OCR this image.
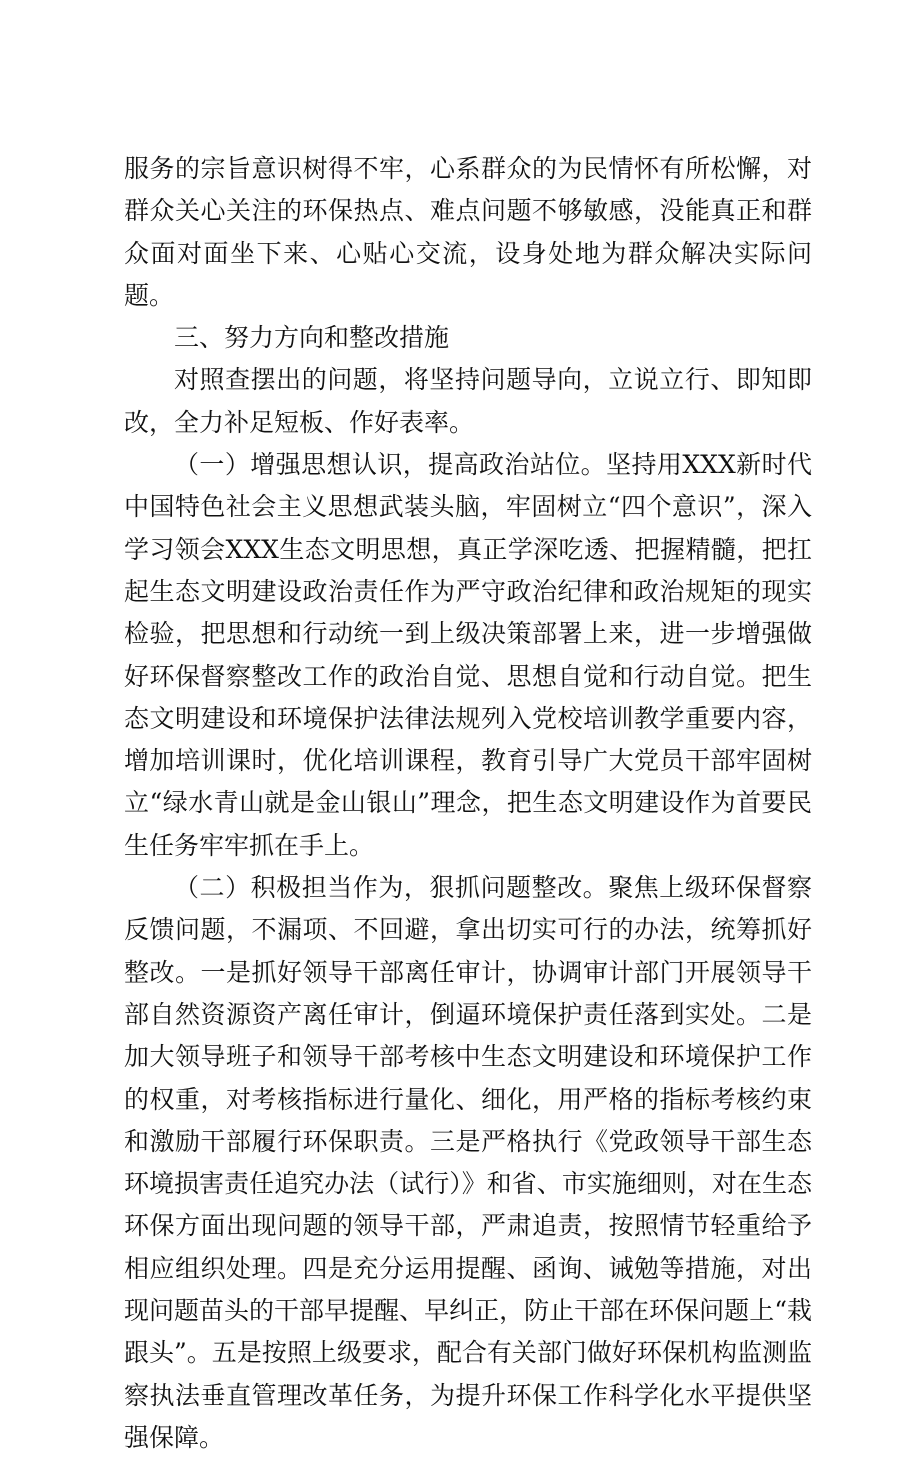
服务的宗旨意识树得不牢，心系群众的为民情怀有所松懈，对群众关心关注的环保热点、难点问题不够敏感，没能真正和群众面对面坐下来、心贴心交流，设身处地为群众解决实际问题。

三、努力方向和整改措施

对照查摆出的问题，将坚持问题导向，立说立行、即知即改，全力补足短板、作好表率。

（一）增强思想认识，提高政治站位。坚持用XXX新时代中国特色社会主义思想武装头脑，牢固树立“四个意识”，深入学习领会XXX生态文明思想，真正学深吃透、把握精髓，把扛起生态文明建设政治责任作为严守政治纪律和政治规矩的现实检验，把思想和行动统一到上级决策部署上来，进一步增强做好环保督察整改工作的政治自觉、思想自觉和行动自觉。把生态文明建设和环境保护法律法规列入党校培训教学重要内容，增加培训课时，优化培训课程，教育引导广大党员干部牢固树立“绿水青山就是金山银山”理念，把生态文明建设作为首要民生任务牢牢抓在手上。

（二）积极担当作为，狠抓问题整改。聚焦上级环保督察反馈问题，不漏项、不回避，拿出切实可行的办法，统筹抓好整改。一是抓好领导干部离任审计，协调审计部门开展领导干部自然资源资产离任审计，倒逼环境保护责任落到实处。二是加大领导班子和领导干部考核中生态文明建设和环境保护工作的权重，对考核指标进行量化、细化，用严格的指标考核约束和激励干部履行环保职责。三是严格执行《党政领导干部生态环境损害责任追究办法（试行）》和省、市实施细则，对在生态环保方面出现问题的领导干部，严肃追责，按照情节轻重给予相应组织处理。四是充分运用提醒、函询、诫勉等措施，对出现问题苗头的干部早提醒、早纠正，防止干部在环保问题上“栽跟头”。五是按照上级要求，配合有关部门做好环保机构监测监察执法垂直管理改革任务，为提升环保工作科学化水平提供坚强保障。
